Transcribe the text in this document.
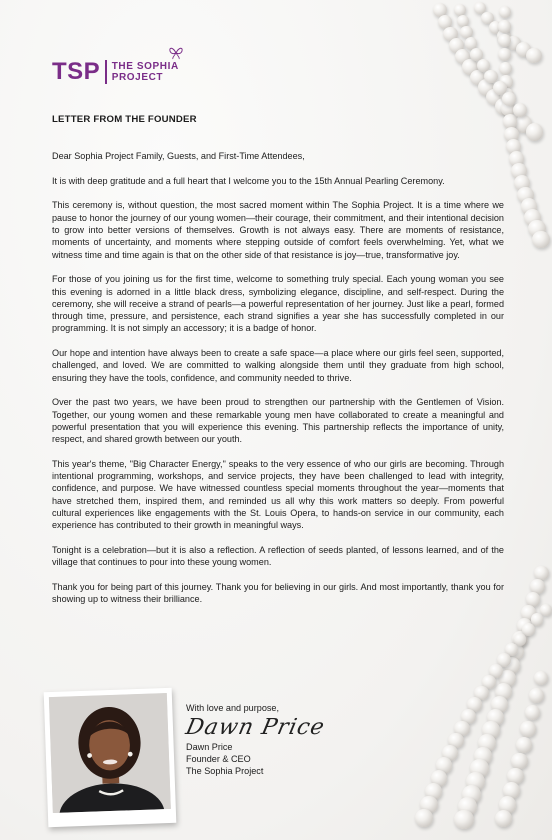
TSP THE SOPHIA
PROJECT
LETTER FROM THE FOUNDER

Dear Sophia Project Family, Guests, and First-Time Attendees,

It is with deep gratitude and a full heart that I welcome you to the 15th Annual Pearling Ceremony.

This ceremony is, without question, the most sacred moment within The Sophia Project. It is a time where we pause to honor the journey of our young women—their courage, their commitment, and their intentional decision to grow into better versions of themselves. Growth is not always easy. There are moments of resistance, moments of uncertainty, and moments where stepping outside of comfort feels overwhelming. Yet, what we witness time and time again is that on the other side of that resistance is joy—true, transformative joy.

For those of you joining us for the first time, welcome to something truly special. Each young woman you see this evening is adorned in a little black dress, symbolizing elegance, discipline, and self-respect. During the ceremony, she will receive a strand of pearls—a powerful representation of her journey. Just like a pearl, formed through time, pressure, and persistence, each strand signifies a year she has successfully completed in our programming. It is not simply an accessory; it is a badge of honor.

Our hope and intention have always been to create a safe space—a place where our girls feel seen, supported, challenged, and loved. We are committed to walking alongside them until they graduate from high school, ensuring they have the tools, confidence, and community needed to thrive.

Over the past two years, we have been proud to strengthen our partnership with the Gentlemen of Vision. Together, our young women and these remarkable young men have collaborated to create a meaningful and powerful presentation that you will experience this evening. This partnership reflects the importance of unity, respect, and shared growth between our youth.

This year's theme, "Big Character Energy," speaks to the very essence of who our girls are becoming. Through intentional programming, workshops, and service projects, they have been challenged to lead with integrity, confidence, and purpose. We have witnessed countless special moments throughout the year—moments that have stretched them, inspired them, and reminded us all why this work matters so deeply. From powerful cultural experiences like engagements with the St. Louis Opera, to hands-on service in our community, each experience has contributed to their growth in meaningful ways.

Tonight is a celebration—but it is also a reflection. A reflection of seeds planted, of lessons learned, and of the village that continues to pour into these young women.

Thank you for being part of this journey. Thank you for believing in our girls. And most importantly, thank you for showing up to witness their brilliance.

With love and purpose,
Dawn Price
Dawn Price
Founder & CEO
The Sophia Project
